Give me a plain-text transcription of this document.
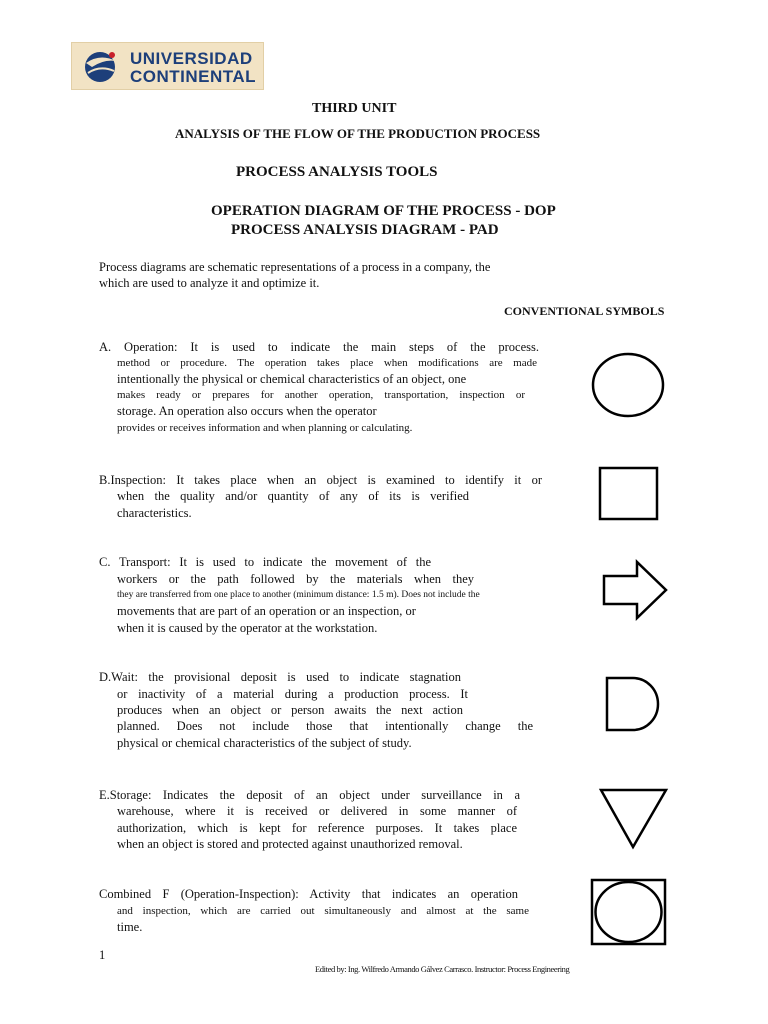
UNIVERSIDAD
CONTINENTAL
THIRD UNIT
ANALYSIS OF THE FLOW OF THE PRODUCTION PROCESS
PROCESS ANALYSIS TOOLS
OPERATION DIAGRAM OF THE PROCESS - DOP
PROCESS ANALYSIS DIAGRAM - PAD
Process diagrams are schematic representations of a process in a company, the
which are used to analyze it and optimize it.
CONVENTIONAL SYMBOLS
A. Operation: It is used to indicate the main steps of the process.
method or procedure. The operation takes place when modifications are made
intentionally the physical or chemical characteristics of an object, one
makes ready or prepares for another operation, transportation, inspection or
storage. An operation also occurs when the operator
provides or receives information and when planning or calculating.
B.Inspection: It takes place when an object is examined to identify it or
when the quality and/or quantity of any of its is verified
characteristics.
C. Transport: It is used to indicate the movement of the
workers or the path followed by the materials when they
they are transferred from one place to another (minimum distance: 1.5 m). Does not include the
movements that are part of an operation or an inspection, or
when it is caused by the operator at the workstation.
D.Wait: the provisional deposit is used to indicate stagnation
or inactivity of a material during a production process. It
produces when an object or person awaits the next action
planned. Does not include those that intentionally change the
physical or chemical characteristics of the subject of study.
E.Storage: Indicates the deposit of an object under surveillance in a
warehouse, where it is received or delivered in some manner of
authorization, which is kept for reference purposes. It takes place
when an object is stored and protected against unauthorized removal.
Combined F (Operation-Inspection): Activity that indicates an operation
and inspection, which are carried out simultaneously and almost at the same
time.
1
Edited by: Ing. Wilfredo Armando Gálvez Carrasco. Instructor: Process Engineering
